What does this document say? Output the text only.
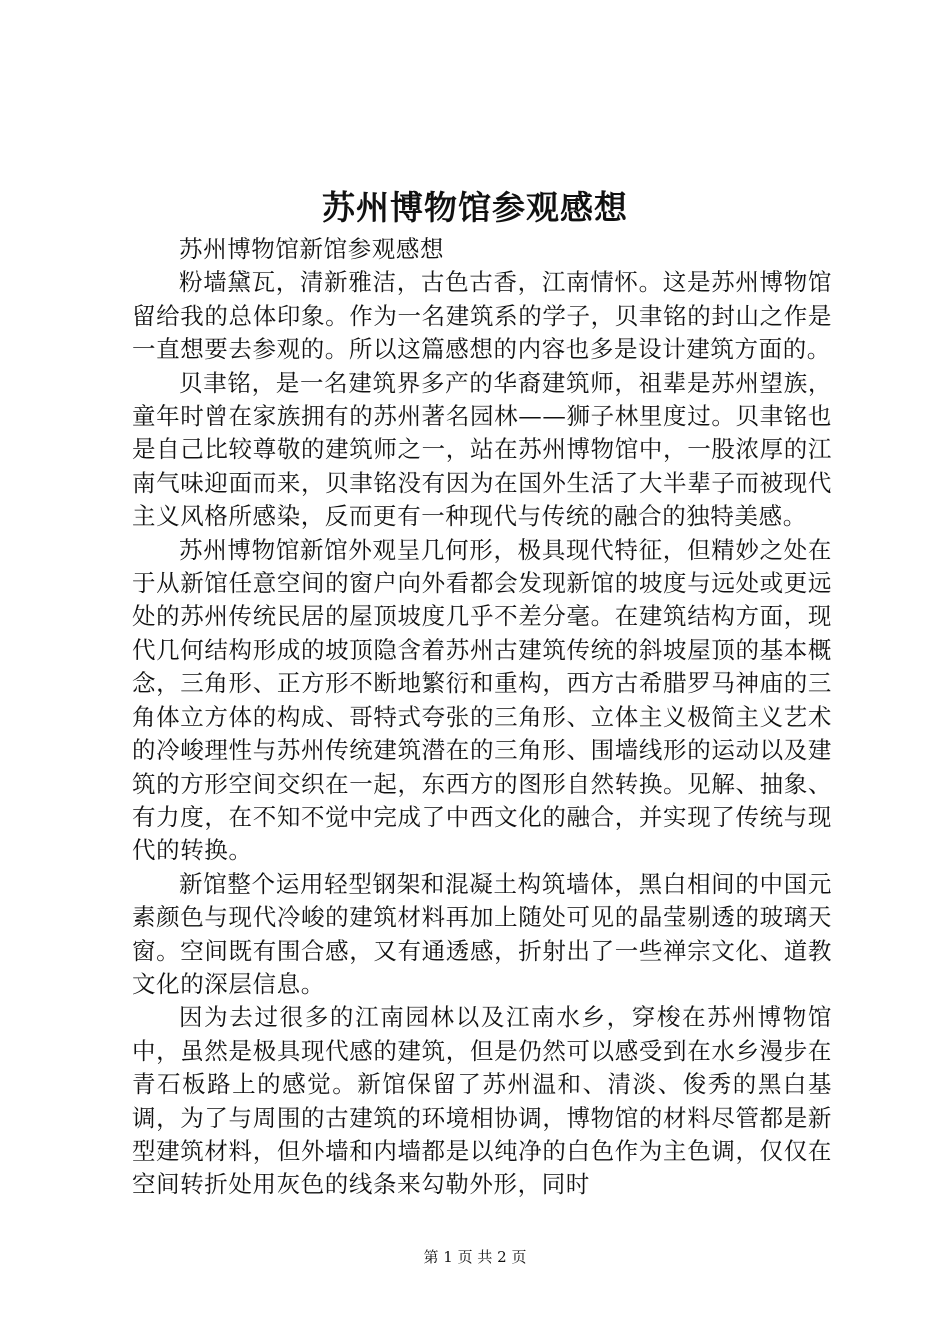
苏州博物馆参观感想

苏州博物馆新馆参观感想

粉墙黛瓦，清新雅洁，古色古香，江南情怀。这是苏州博物馆留给我的总体印象。作为一名建筑系的学子，贝聿铭的封山之作是一直想要去参观的。所以这篇感想的内容也多是设计建筑方面的。

贝聿铭，是一名建筑界多产的华裔建筑师，祖辈是苏州望族，童年时曾在家族拥有的苏州著名园林——狮子林里度过。贝聿铭也是自己比较尊敬的建筑师之一，站在苏州博物馆中，一股浓厚的江南气味迎面而来，贝聿铭没有因为在国外生活了大半辈子而被现代主义风格所感染，反而更有一种现代与传统的融合的独特美感。

苏州博物馆新馆外观呈几何形，极具现代特征，但精妙之处在于从新馆任意空间的窗户向外看都会发现新馆的坡度与远处或更远处的苏州传统民居的屋顶坡度几乎不差分毫。在建筑结构方面，现代几何结构形成的坡顶隐含着苏州古建筑传统的斜坡屋顶的基本概念，三角形、正方形不断地繁衍和重构，西方古希腊罗马神庙的三角体立方体的构成、哥特式夸张的三角形、立体主义极简主义艺术的冷峻理性与苏州传统建筑潜在的三角形、围墙线形的运动以及建筑的方形空间交织在一起，东西方的图形自然转换。见解、抽象、有力度，在不知不觉中完成了中西文化的融合，并实现了传统与现代的转换。

新馆整个运用轻型钢架和混凝土构筑墙体，黑白相间的中国元素颜色与现代冷峻的建筑材料再加上随处可见的晶莹剔透的玻璃天窗。空间既有围合感，又有通透感，折射出了一些禅宗文化、道教文化的深层信息。

因为去过很多的江南园林以及江南水乡，穿梭在苏州博物馆中，虽然是极具现代感的建筑，但是仍然可以感受到在水乡漫步在青石板路上的感觉。新馆保留了苏州温和、清淡、俊秀的黑白基调，为了与周围的古建筑的环境相协调，博物馆的材料尽管都是新型建筑材料，但外墙和内墙都是以纯净的白色作为主色调，仅仅在空间转折处用灰色的线条来勾勒外形，同时

第 1 页 共 2 页
